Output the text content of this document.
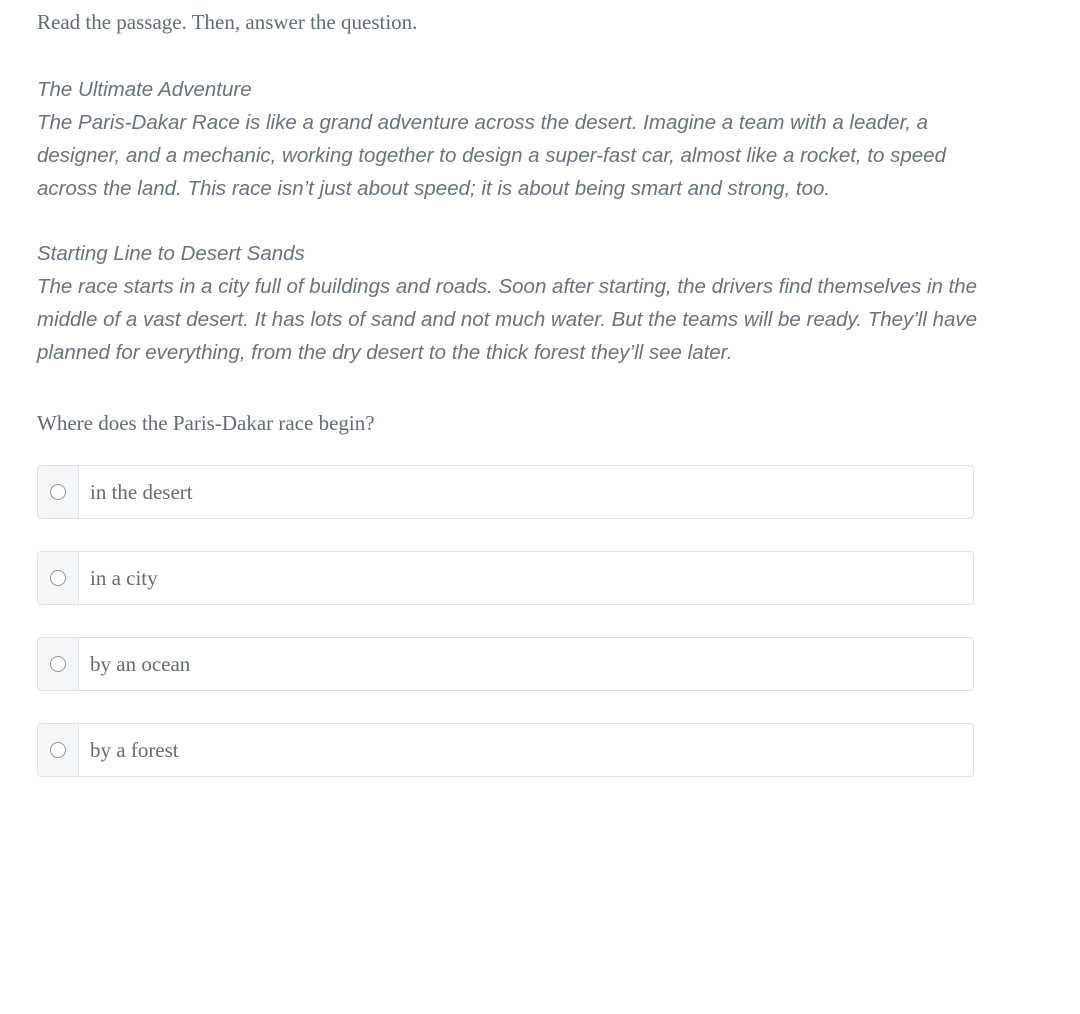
Read the passage. Then, answer the question.

The Ultimate Adventure

The Paris-Dakar Race is like a grand adventure across the desert. Imagine a team with a leader, a designer, and a mechanic, working together to design a super-fast car, almost like a rocket, to speed across the land. This race isn’t just about speed; it is about being smart and strong, too.

Starting Line to Desert Sands

The race starts in a city full of buildings and roads. Soon after starting, the drivers find themselves in the middle of a vast desert. It has lots of sand and not much water. But the teams will be ready. They’ll have planned for everything, from the dry desert to the thick forest they’ll see later.

Where does the Paris-Dakar race begin?

in the desert
in a city
by an ocean
by a forest
